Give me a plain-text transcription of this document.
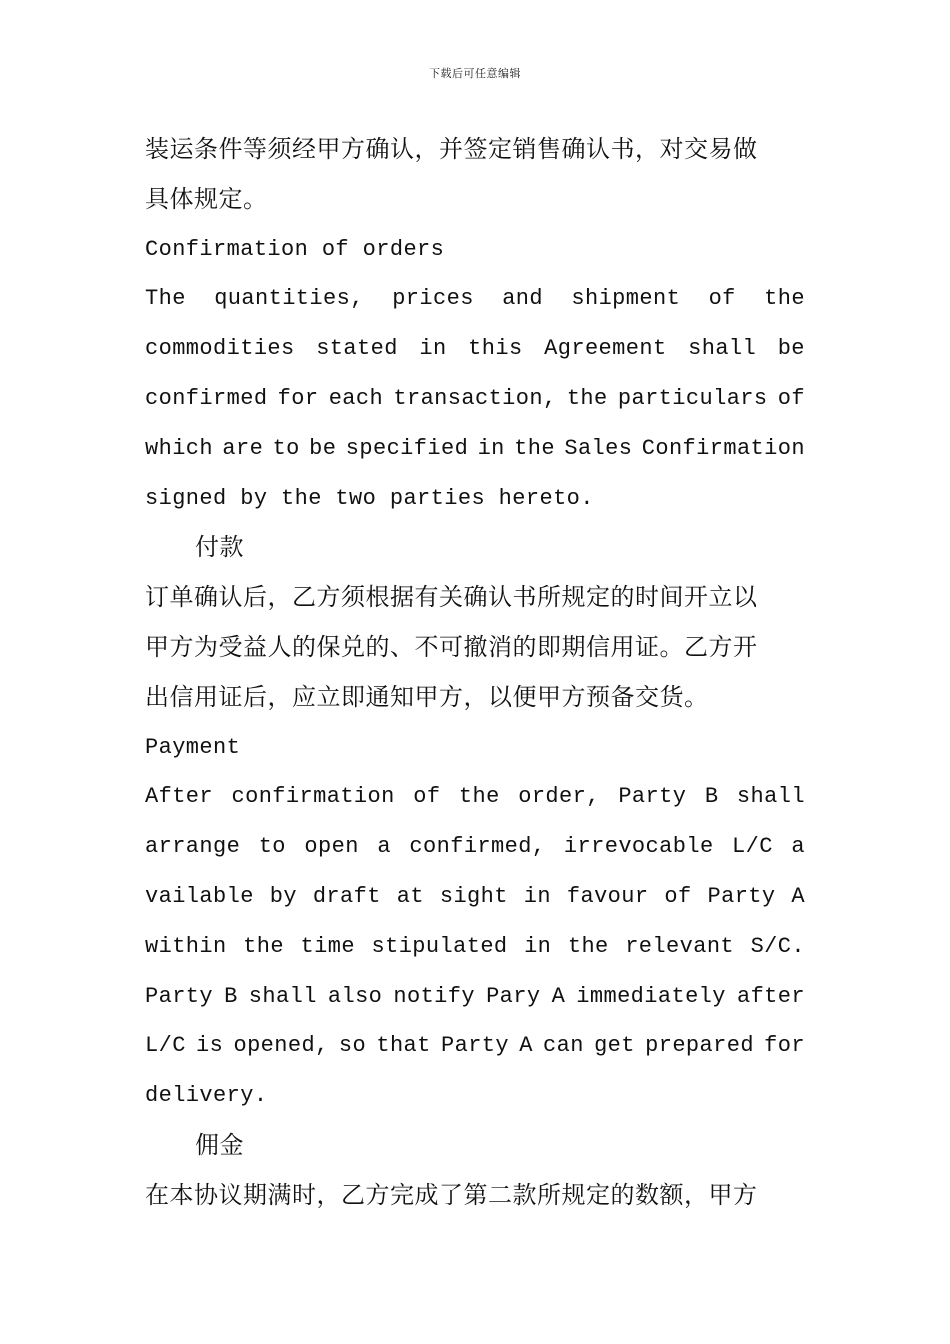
下载后可任意编辑
装运条件等须经甲方确认，并签定销售确认书，对交易做
具体规定。
Confirmation of orders
The quantities, prices and shipment of the
commodities stated in this Agreement shall be
confirmed for each transaction, the particulars of
which are to be specified in the Sales Confirmation
signed by the two parties hereto.
付款
订单确认后，乙方须根据有关确认书所规定的时间开立以
甲方为受益人的保兑的、不可撤消的即期信用证。乙方开
出信用证后，应立即通知甲方，以便甲方预备交货。
Payment
After confirmation of the order, Party B shall
arrange to open a confirmed, irrevocable L/C a
vailable by draft at sight in favour of Party A
within the time stipulated in the relevant S/C.
Party B shall also notify Pary A immediately after
L/C is opened, so that Party A can get prepared for
delivery.
佣金
在本协议期满时，乙方完成了第二款所规定的数额，甲方
